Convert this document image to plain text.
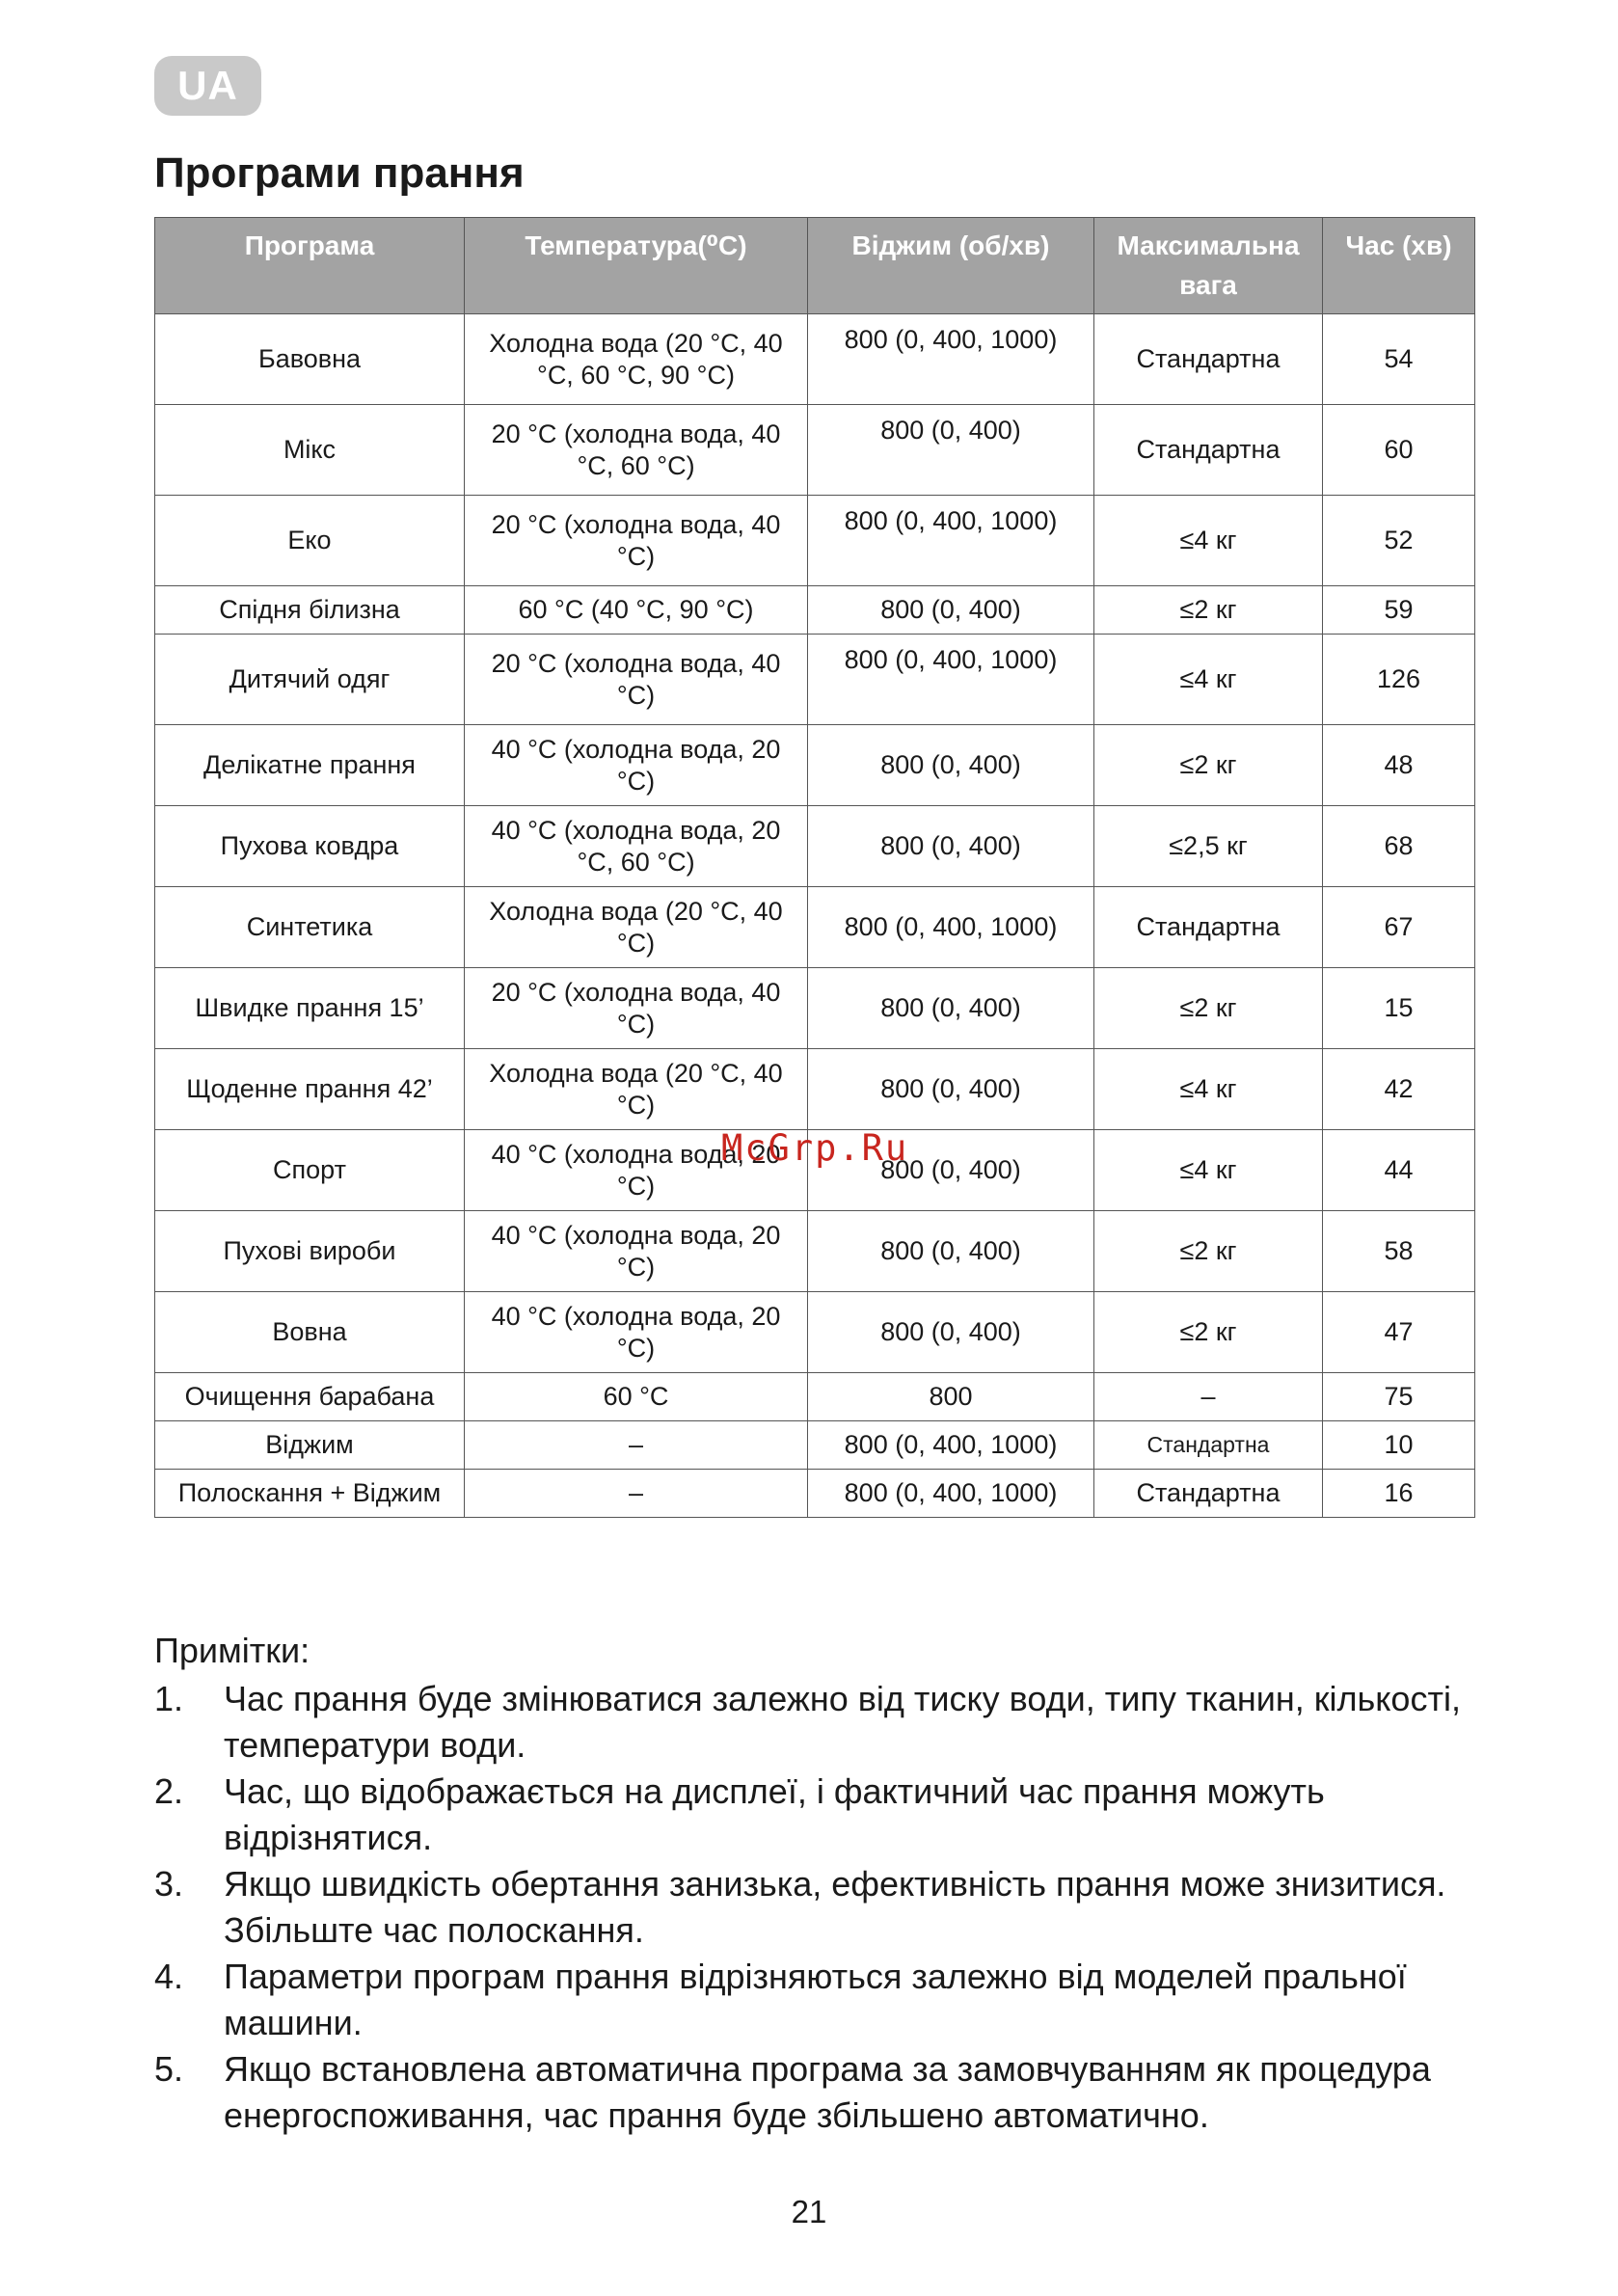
UA
Програми прання
Програма	Температура(⁰C)	Віджим (об/хв)	Максимальна вага	Час (хв)
Бавовна	Холодна вода (20 °C, 40 °C, 60 °C, 90 °C)	800 (0, 400, 1000)	Стандартна	54
Мікс	20 °C (холодна вода, 40 °C, 60 °C)	800 (0, 400)	Стандартна	60
Еко	20 °C (холодна вода, 40 °C)	800 (0, 400, 1000)	≤4 кг	52
Спідня білизна	60 °C (40 °C, 90 °C)	800 (0, 400)	≤2 кг	59
Дитячий одяг	20 °C (холодна вода, 40 °C)	800 (0, 400, 1000)	≤4 кг	126
Делікатне прання	40 °C (холодна вода, 20 °C)	800 (0, 400)	≤2 кг	48
Пухова ковдра	40 °C (холодна вода, 20 °C, 60 °C)	800 (0, 400)	≤2,5 кг	68
Синтетика	Холодна вода (20 °C, 40 °C)	800 (0, 400, 1000)	Стандартна	67
Швидке прання 15’	20 °C (холодна вода, 40 °C)	800 (0, 400)	≤2 кг	15
Щоденне прання 42’	Холодна вода (20 °C, 40 °C)	800 (0, 400)	≤4 кг	42
Спорт	40 °C (холодна вода, 20 °C)	800 (0, 400)	≤4 кг	44
Пухові вироби	40 °C (холодна вода, 20 °C)	800 (0, 400)	≤2 кг	58
Вовна	40 °C (холодна вода, 20 °C)	800 (0, 400)	≤2 кг	47
Очищення барабана	60 °C	800	–	75
Віджим	–	800 (0, 400, 1000)	Стандартна	10
Полоскання + Віджим	–	800 (0, 400, 1000)	Стандартна	16
McGrp.Ru

Примітки:

1. Час прання буде змінюватися залежно від тиску води, типу тканин, кількості, температури води.

2. Час, що відображається на дисплеї, і фактичний час прання можуть відрізнятися.

3. Якщо швидкість обертання занизька, ефективність прання може знизитися. Збільште час полоскання.

4. Параметри програм прання відрізняються залежно від моделей пральної машини.

5. Якщо встановлена автоматична програма за замовчуванням як процедура енергоспоживання, час прання буде збільшено автоматично.

21
